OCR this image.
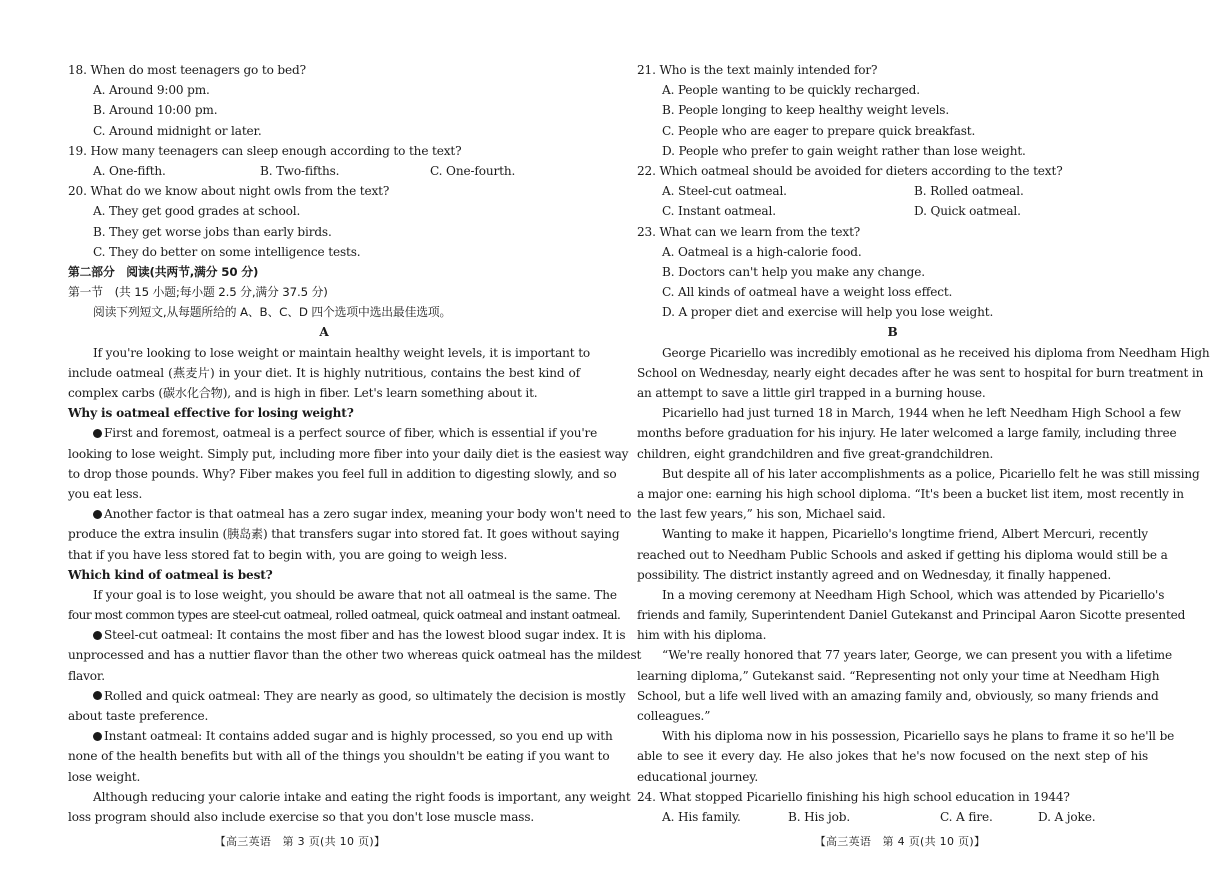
18. When do most teenagers go to bed?
A. Around 9:00 pm.
B. Around 10:00 pm.
C. Around midnight or later.
19. How many teenagers can sleep enough according to the text?
A. One-fifth.	B. Two-fifths.	C. One-fourth.
20. What do we know about night owls from the text?
A. They get good grades at school.
B. They get worse jobs than early birds.
C. They do better on some intelligence tests.
第二部分　阅读(共两节,满分 50 分)
第一节　(共 15 小题;每小题 2.5 分,满分 37.5 分)
阅读下列短文,从每题所给的 A、B、C、D 四个选项中选出最佳选项。
A
If you're looking to lose weight or maintain healthy weight levels, it is important to
include oatmeal (燕麦片) in your diet. It is highly nutritious, contains the best kind of
complex carbs (碳水化合物), and is high in fiber. Let's learn something about it.
Why is oatmeal effective for losing weight?
First and foremost, oatmeal is a perfect source of fiber, which is essential if you're
looking to lose weight. Simply put, including more fiber into your daily diet is the easiest way
to drop those pounds. Why? Fiber makes you feel full in addition to digesting slowly, and so
you eat less.
Another factor is that oatmeal has a zero sugar index, meaning your body won't need to
produce the extra insulin (胰岛素) that transfers sugar into stored fat. It goes without saying
that if you have less stored fat to begin with, you are going to weigh less.
Which kind of oatmeal is best?
If your goal is to lose weight, you should be aware that not all oatmeal is the same. The
four most common types are steel-cut oatmeal, rolled oatmeal, quick oatmeal and instant oatmeal.
Steel-cut oatmeal: It contains the most fiber and has the lowest blood sugar index. It is
unprocessed and has a nuttier flavor than the other two whereas quick oatmeal has the mildest
flavor.
Rolled and quick oatmeal: They are nearly as good, so ultimately the decision is mostly
about taste preference.
Instant oatmeal: It contains added sugar and is highly processed, so you end up with
none of the health benefits but with all of the things you shouldn't be eating if you want to
lose weight.
Although reducing your calorie intake and eating the right foods is important, any weight
loss program should also include exercise so that you don't lose muscle mass.
【高三英语　第 3 页(共 10 页)】
21. Who is the text mainly intended for?
A. People wanting to be quickly recharged.
B. People longing to keep healthy weight levels.
C. People who are eager to prepare quick breakfast.
D. People who prefer to gain weight rather than lose weight.
22. Which oatmeal should be avoided for dieters according to the text?
A. Steel-cut oatmeal.	B. Rolled oatmeal.
C. Instant oatmeal.	D. Quick oatmeal.
23. What can we learn from the text?
A. Oatmeal is a high-calorie food.
B. Doctors can't help you make any change.
C. All kinds of oatmeal have a weight loss effect.
D. A proper diet and exercise will help you lose weight.
B
George Picariello was incredibly emotional as he received his diploma from Needham High
School on Wednesday, nearly eight decades after he was sent to hospital for burn treatment in
an attempt to save a little girl trapped in a burning house.
Picariello had just turned 18 in March, 1944 when he left Needham High School a few
months before graduation for his injury. He later welcomed a large family, including three
children, eight grandchildren and five great-grandchildren.
But despite all of his later accomplishments as a police, Picariello felt he was still missing
a major one: earning his high school diploma. “It's been a bucket list item, most recently in
the last few years,” his son, Michael said.
Wanting to make it happen, Picariello's longtime friend, Albert Mercuri, recently
reached out to Needham Public Schools and asked if getting his diploma would still be a
possibility. The district instantly agreed and on Wednesday, it finally happened.
In a moving ceremony at Needham High School, which was attended by Picariello's
friends and family, Superintendent Daniel Gutekanst and Principal Aaron Sicotte presented
him with his diploma.
“We're really honored that 77 years later, George, we can present you with a lifetime
learning diploma,” Gutekanst said. “Representing not only your time at Needham High
School, but a life well lived with an amazing family and, obviously, so many friends and
colleagues.”
With his diploma now in his possession, Picariello says he plans to frame it so he'll be
able to see it every day. He also jokes that he's now focused on the next step of his
educational journey.
24. What stopped Picariello finishing his high school education in 1944?
A. His family.	B. His job.	C. A fire.	D. A joke.
【高三英语　第 4 页(共 10 页)】
